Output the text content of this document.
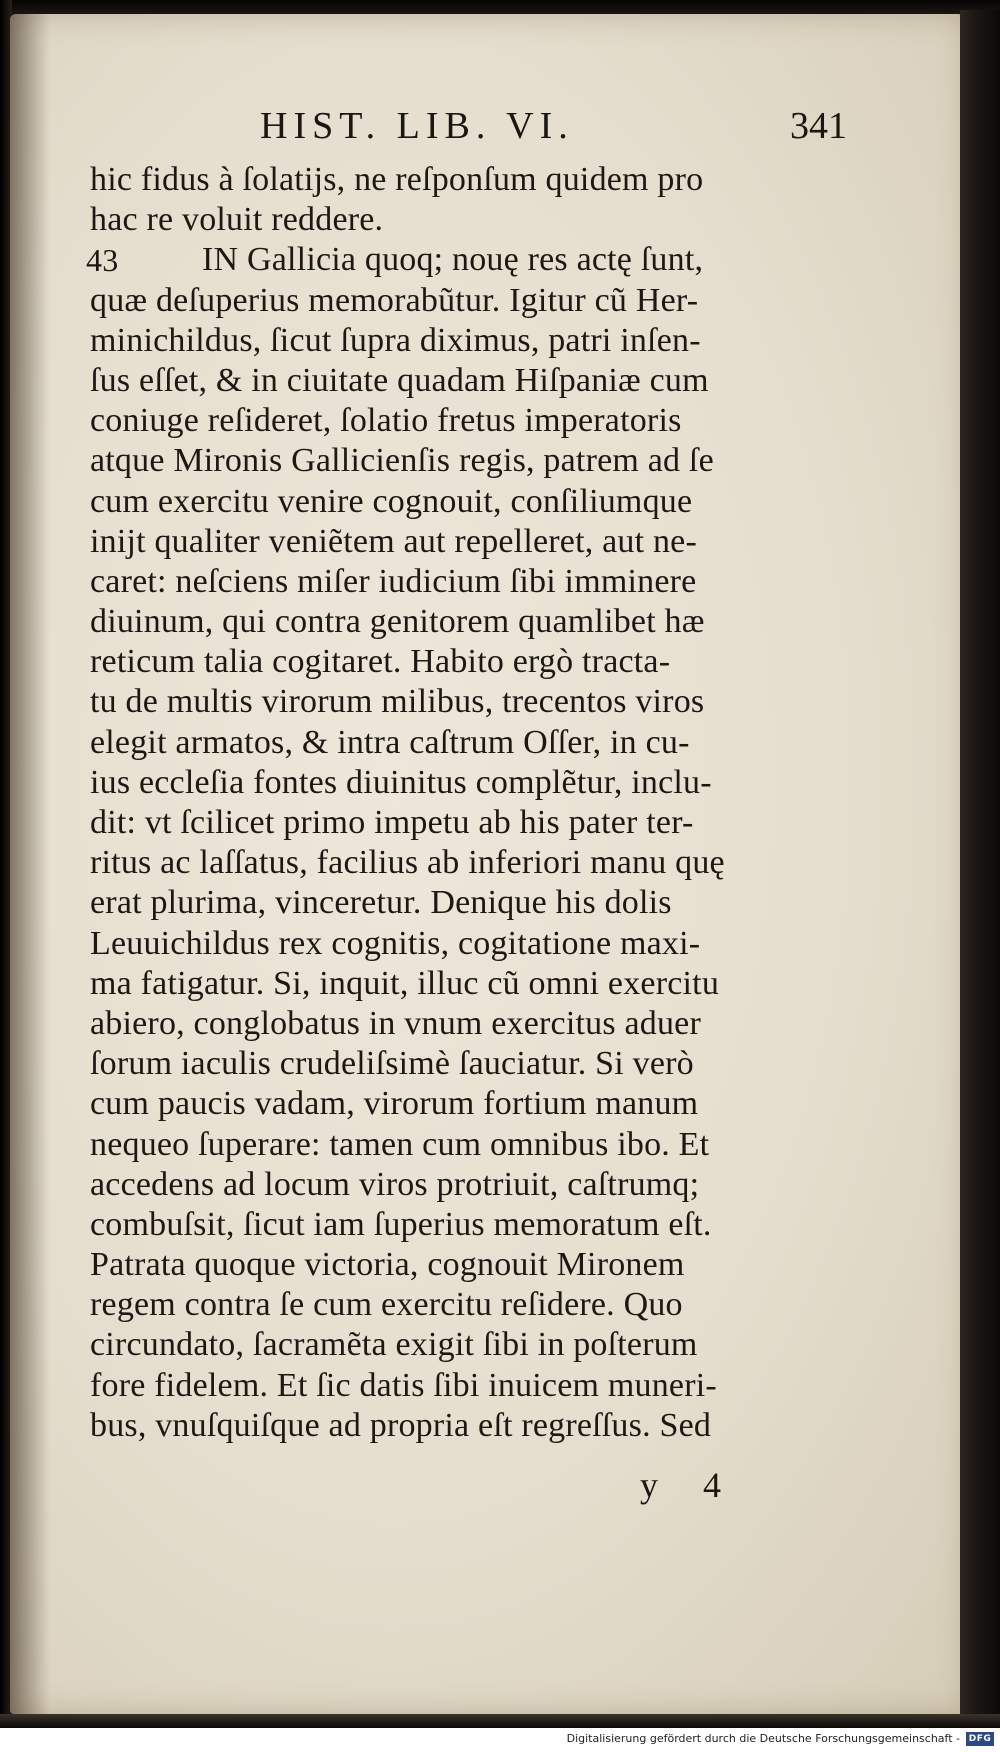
HIST. LIB. VI.	341
hic fidus à ſolatijs, ne reſponſum quidem pro
hac re voluit reddere.
43 IN Gallicia quoq; nouę res actę ſunt,
quæ deſuperius memorabũtur. Igitur cũ Her-
minichildus, ſicut ſupra diximus, patri inſen-
ſus eſſet, & in ciuitate quadam Hiſpaniæ cum
coniuge reſideret, ſolatio fretus imperatoris
atque Mironis Gallicienſis regis, patrem ad ſe
cum exercitu venire cognouit, conſiliumque
inijt qualiter veniẽtem aut repelleret, aut ne-
caret: neſciens miſer iudicium ſibi imminere
diuinum, qui contra genitorem quamlibet hæ
reticum talia cogitaret. Habito ergò tracta-
tu de multis virorum milibus, trecentos viros
elegit armatos, & intra caſtrum Oſſer, in cu-
ius eccleſia fontes diuinitus complẽtur, inclu-
dit: vt ſcilicet primo impetu ab his pater ter-
ritus ac laſſatus, facilius ab inferiori manu quę
erat plurima, vinceretur. Denique his dolis
Leuuichildus rex cognitis, cogitatione maxi-
ma fatigatur. Si, inquit, illuc cũ omni exercitu
abiero, conglobatus in vnum exercitus aduer
ſorum iaculis crudeliſsimè ſauciatur. Si verò
cum paucis vadam, virorum fortium manum
nequeo ſuperare: tamen cum omnibus ibo. Et
accedens ad locum viros protriuit, caſtrumq;
combuſsit, ſicut iam ſuperius memoratum eſt.
Patrata quoque victoria, cognouit Mironem
regem contra ſe cum exercitu reſidere. Quo
circundato, ſacramẽta exigit ſibi in poſterum
fore fidelem. Et ſic datis ſibi inuicem muneri-
bus, vnuſquiſque ad propria eſt regreſſus. Sed
y 4
Digitalisierung gefördert durch die Deutsche Forschungsgemeinschaft - DFG
